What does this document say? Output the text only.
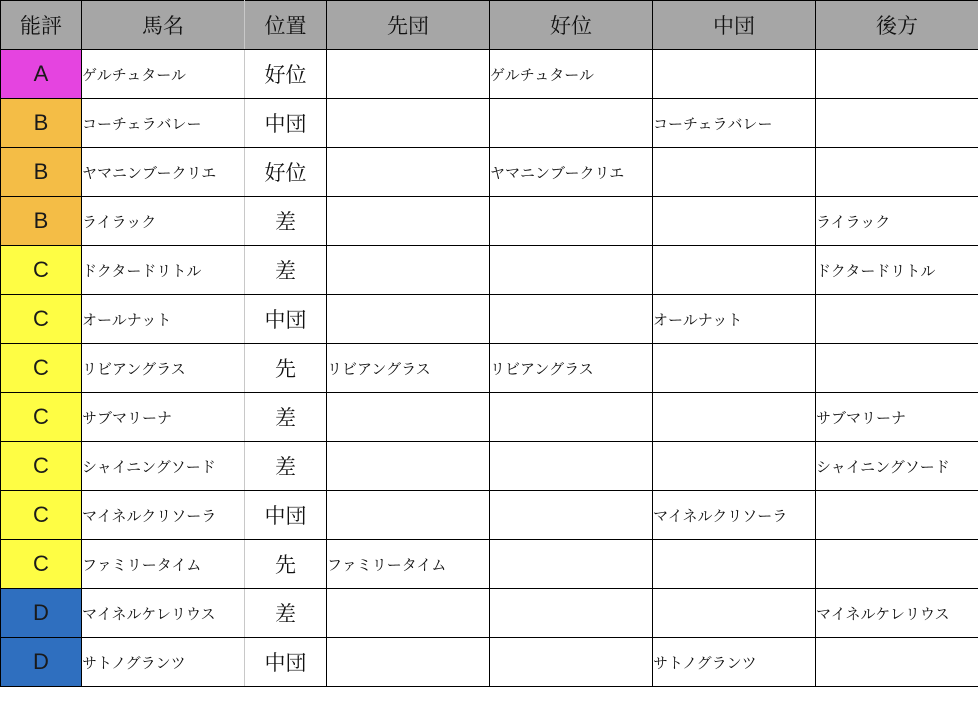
能評	馬名	位置	先団	好位	中団	後方
A	ゲルチュタール	好位		ゲルチュタール		
B	コーチェラバレー	中団			コーチェラバレー	
B	ヤマニンブークリエ	好位		ヤマニンブークリエ		
B	ライラック	差				ライラック
C	ドクタードリトル	差				ドクタードリトル
C	オールナット	中団			オールナット	
C	リビアングラス	先	リビアングラス	リビアングラス		
C	サブマリーナ	差				サブマリーナ
C	シャイニングソード	差				シャイニングソード
C	マイネルクリソーラ	中団			マイネルクリソーラ	
C	ファミリータイム	先	ファミリータイム			
D	マイネルケレリウス	差				マイネルケレリウス
D	サトノグランツ	中団			サトノグランツ	
